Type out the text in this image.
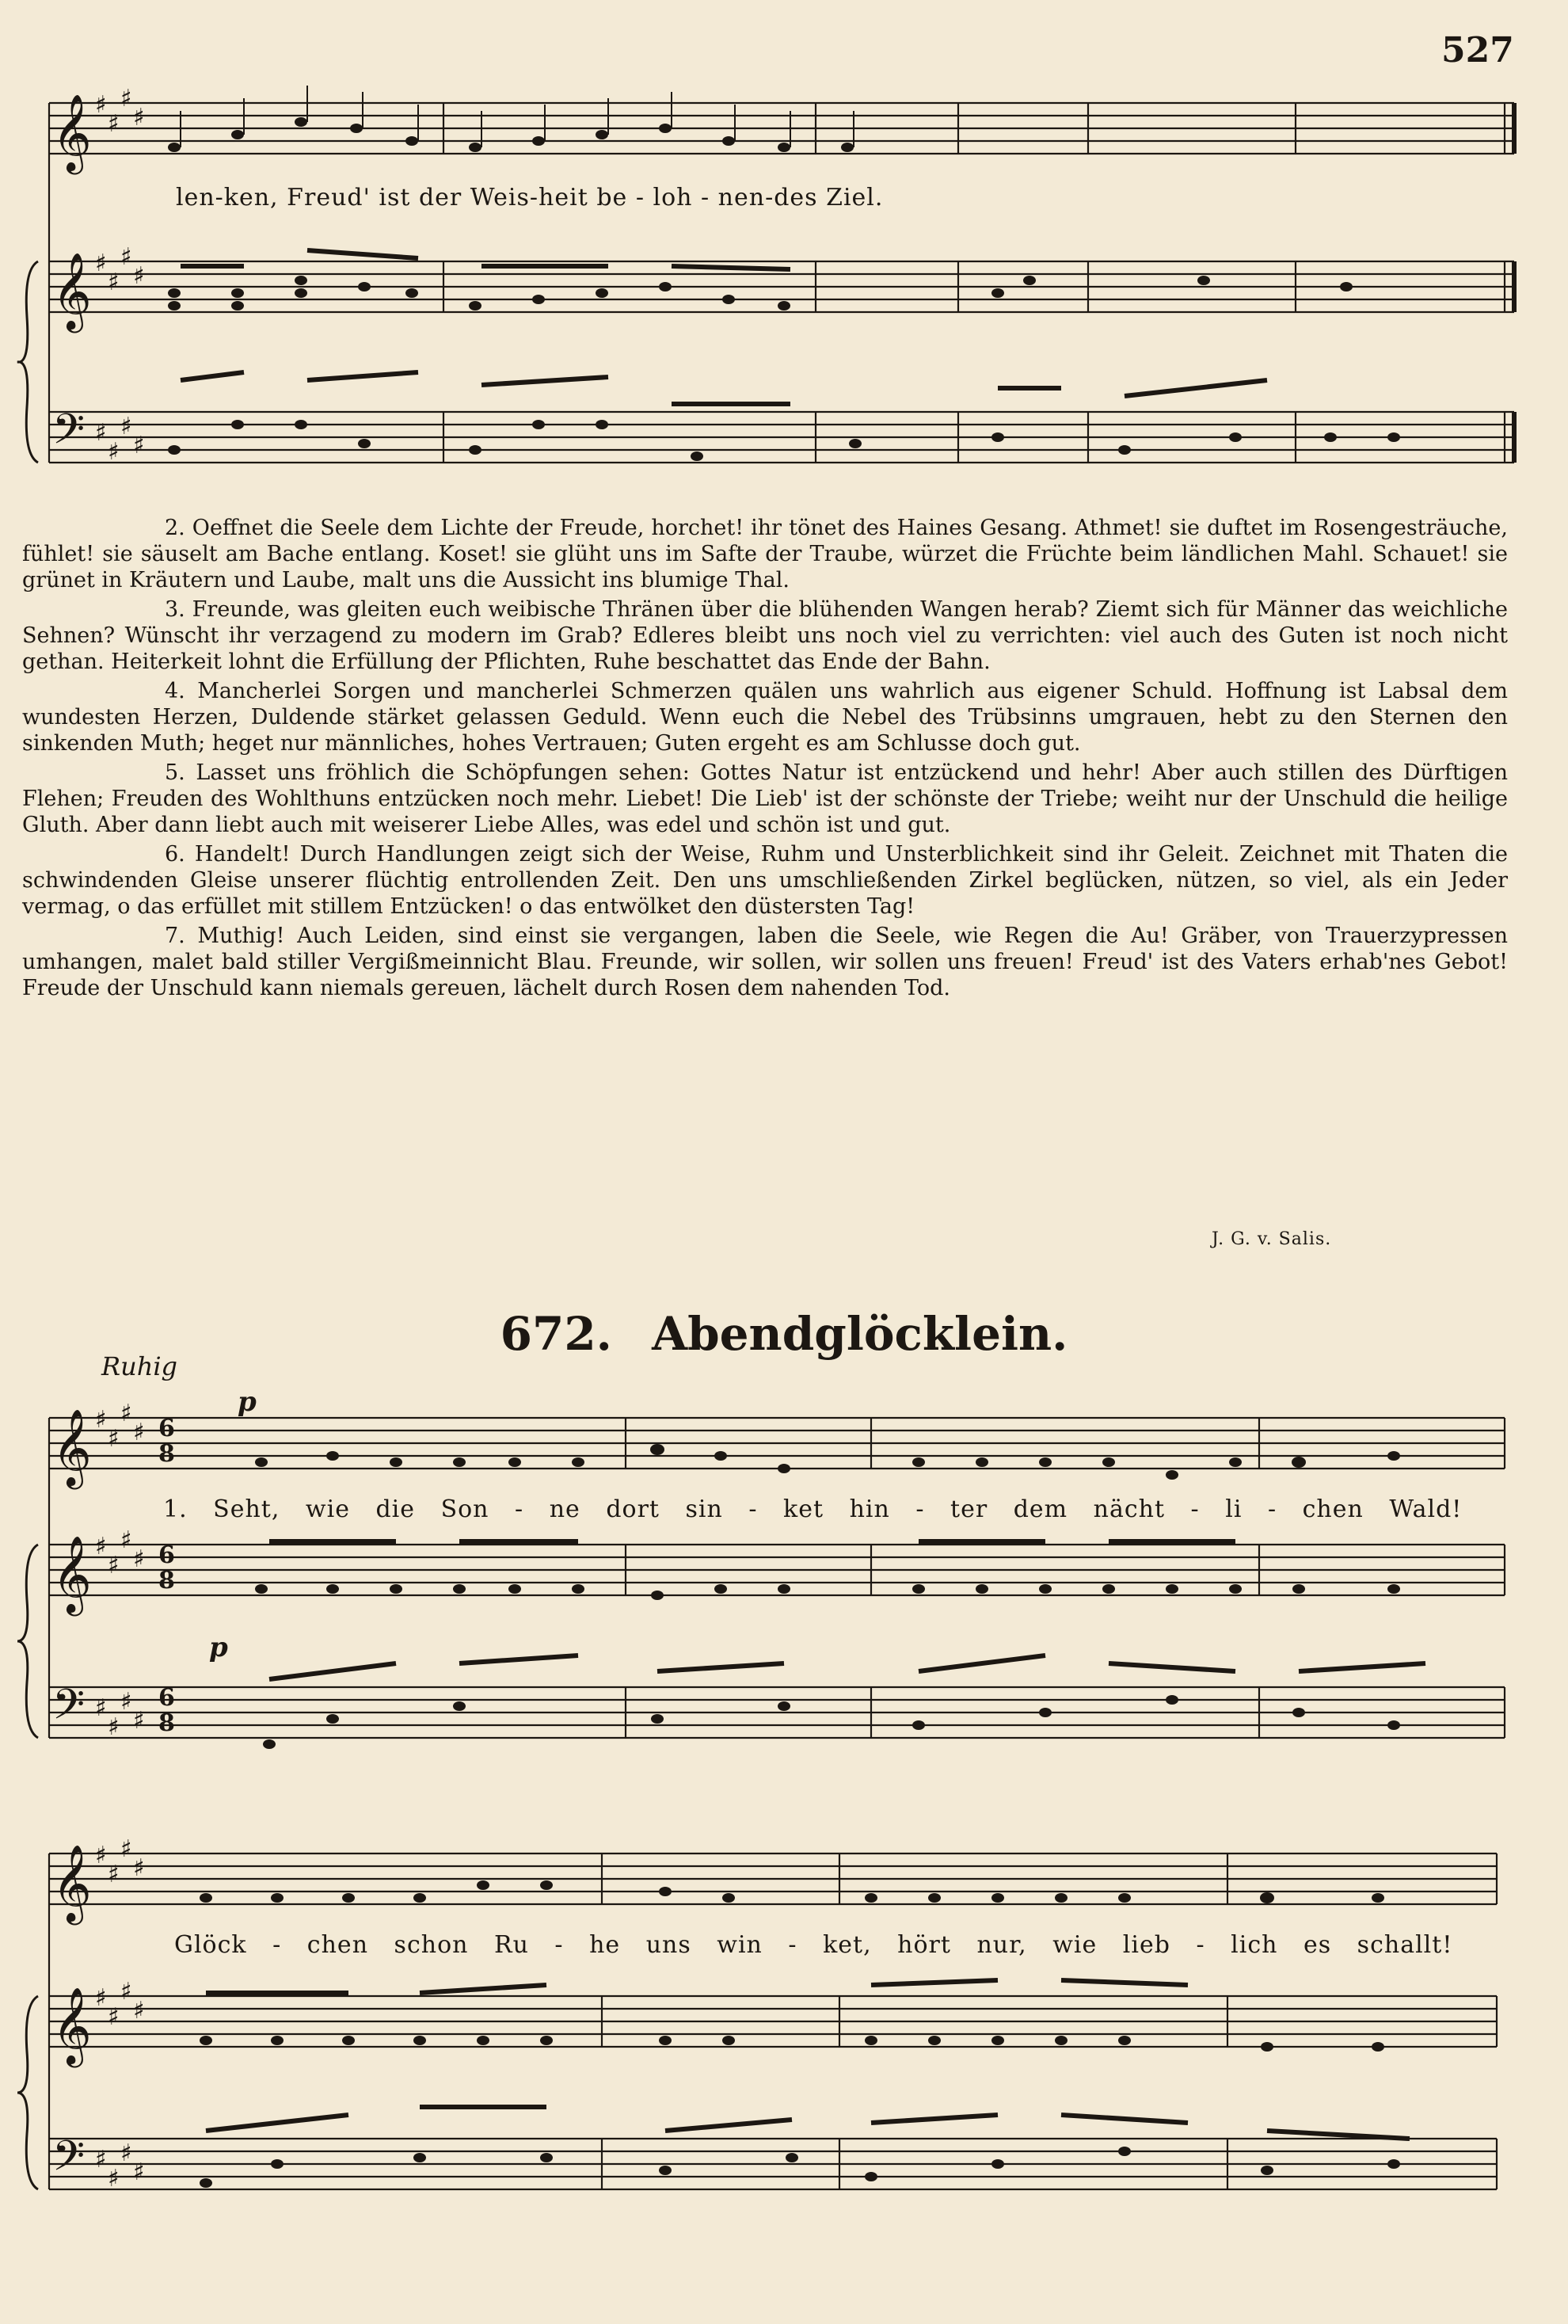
527
𝄞
𝄞
𝄢
♯
♯
♯
♯
♯
♯
♯
♯
♯
♯
♯
♯
len-ken, Freud' ist der Weis-heit be - loh - nen-des Ziel.

2. Oeffnet die Seele dem Lichte der Freude, horchet! ihr tönet des Haines Gesang. Athmet! sie duftet im Rosengesträuche, fühlet! sie säuselt am Bache entlang. Koset! sie glüht uns im Safte der Traube, würzet die Früchte beim ländlichen Mahl. Schauet! sie grünet in Kräutern und Laube, malt uns die Aussicht ins blumige Thal.

3. Freunde, was gleiten euch weibische Thränen über die blühenden Wangen herab? Ziemt sich für Männer das weichliche Sehnen? Wünscht ihr verzagend zu modern im Grab? Edleres bleibt uns noch viel zu verrichten: viel auch des Guten ist noch nicht gethan. Heiterkeit lohnt die Erfüllung der Pflichten, Ruhe beschattet das Ende der Bahn.

4. Mancherlei Sorgen und mancherlei Schmerzen quälen uns wahrlich aus eigener Schuld. Hoffnung ist Labsal dem wundesten Herzen, Duldende stärket gelassen Geduld. Wenn euch die Nebel des Trübsinns umgrauen, hebt zu den Sternen den sinkenden Muth; heget nur männliches, hohes Vertrauen; Guten ergeht es am Schlusse doch gut.

5. Lasset uns fröhlich die Schöpfungen sehen: Gottes Natur ist entzückend und hehr! Aber auch stillen des Dürftigen Flehen; Freuden des Wohlthuns entzücken noch mehr. Liebet! Die Lieb' ist der schönste der Triebe; weiht nur der Unschuld die heilige Gluth. Aber dann liebt auch mit weiserer Liebe Alles, was edel und schön ist und gut.

6. Handelt! Durch Handlungen zeigt sich der Weise, Ruhm und Unsterblichkeit sind ihr Geleit. Zeichnet mit Thaten die schwindenden Gleise unserer flüchtig entrollenden Zeit. Den uns umschließenden Zirkel beglücken, nützen, so viel, als ein Jeder vermag, o das erfüllet mit stillem Entzücken! o das entwölket den düstersten Tag!

7. Muthig! Auch Leiden, sind einst sie vergangen, laben die Seele, wie Regen die Au! Gräber, von Trauerzypressen umhangen, malet bald stiller Vergißmeinnicht Blau. Freunde, wir sollen, wir sollen uns freuen! Freud' ist des Vaters erhab'nes Gebot! Freude der Unschuld kann niemals gereuen, lächelt durch Rosen dem nahenden Tod.

J. G. v. Salis.
672. Abendglöcklein.
Ruhig
𝄞
𝄞
𝄢
𝄞
𝄞
𝄢
♯
♯
♯
♯
♯
♯
♯
♯
♯
♯
♯
♯
♯
♯
♯
♯
♯
♯
♯
♯
♯
♯
♯
♯
p
p
6
8
6
8
6
8
1. Seht, wie die Son - ne dort sin - ket hin - ter dem nächt - li - chen Wald!
Glöck - chen schon Ru - he uns win - ket, hört nur, wie lieb - lich es schallt!
